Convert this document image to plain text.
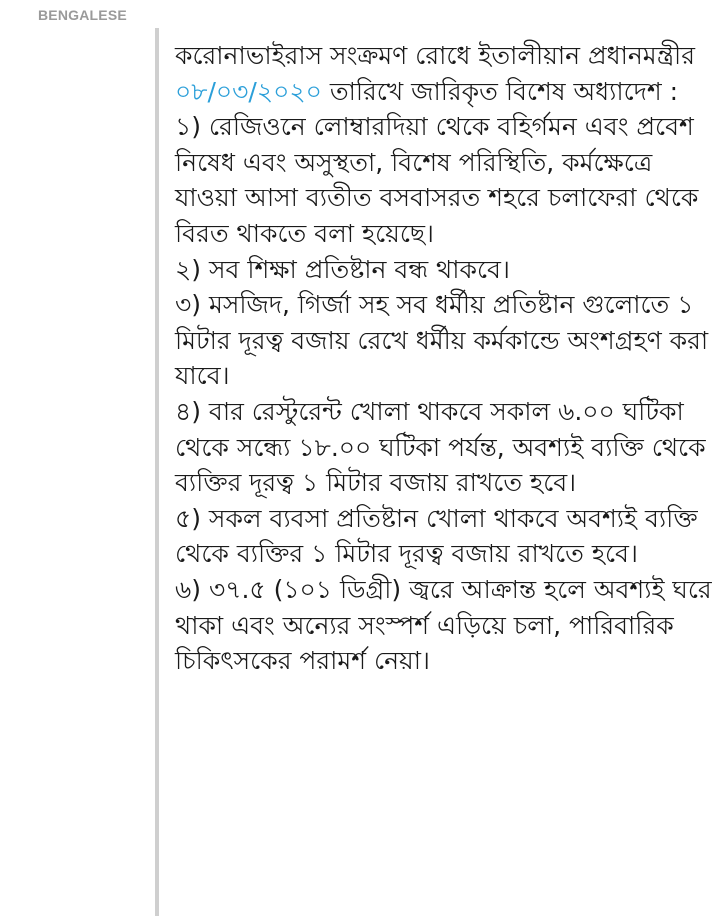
BENGALESE

করোনাভাইরাস সংক্রমণ রোধে ইতালীয়ান প্রধানমন্ত্রীর ০৮/০৩/২০২০ তারিখে জারিকৃত বিশেষ অধ্যাদেশ :

১) রেজিওনে লোম্বারদিয়া থেকে বহির্গমন এবং প্রবেশ নিষেধ এবং অসুস্থতা, বিশেষ পরিস্থিতি, কর্মক্ষেত্রে যাওয়া আসা ব্যতীত বসবাসরত শহরে চলাফেরা থেকে বিরত থাকতে বলা হয়েছে।

২) সব শিক্ষা প্রতিষ্টান বন্ধ থাকবে।

৩) মসজিদ, গির্জা সহ সব ধর্মীয় প্রতিষ্টান গুলোতে ১ মিটার দূরত্ব বজায় রেখে ধর্মীয় কর্মকান্ডে অংশগ্রহণ করা যাবে।

৪) বার রেস্টুরেন্ট খোলা থাকবে সকাল ৬.০০ ঘটিকা থেকে সন্ধ্যে ১৮.০০ ঘটিকা পর্যন্ত, অবশ্যই ব্যক্তি থেকে ব্যক্তির দূরত্ব ১ মিটার বজায় রাখতে হবে।

৫) সকল ব্যবসা প্রতিষ্টান খোলা থাকবে অবশ্যই ব্যক্তি থেকে ব্যক্তির ১ মিটার দূরত্ব বজায় রাখতে হবে।

৬) ৩৭.৫ (১০১ ডিগ্রী) জ্বরে আক্রান্ত হলে অবশ্যই ঘরে থাকা এবং অন্যের সংস্পর্শ এড়িয়ে চলা, পারিবারিক চিকিৎসকের পরামর্শ নেয়া।
